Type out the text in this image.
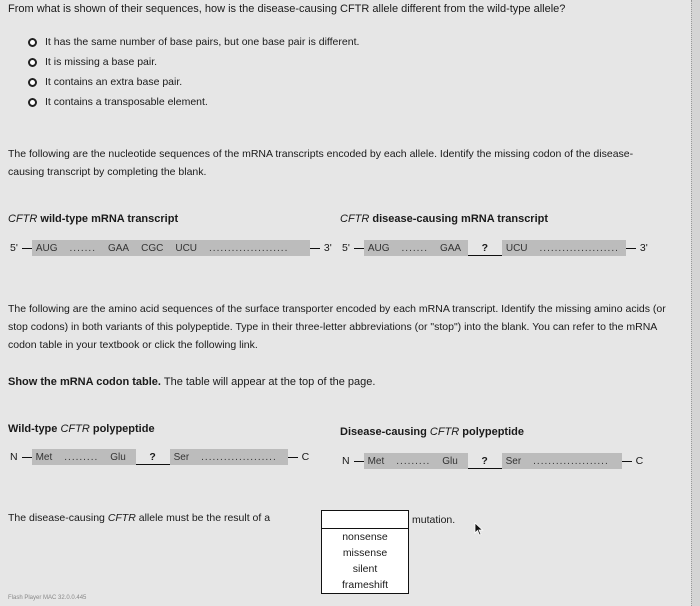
From what is shown of their sequences, how is the disease-causing CFTR allele different from the wild-type allele?
It has the same number of base pairs, but one base pair is different.
It is missing a base pair.
It contains an extra base pair.
It contains a transposable element.
The following are the nucleotide sequences of the mRNA transcripts encoded by each allele. Identify the missing codon of the disease-causing transcript by completing the blank.
CFTR wild-type mRNA transcript	CFTR disease-causing mRNA transcript
5'	AUG ....... GAA CGC UCU .....................	3' 5'	AUG ....... GAA	?	UCU .....................	3'
The following are the amino acid sequences of the surface transporter encoded by each mRNA transcript. Identify the missing amino acids (or stop codons) in both variants of this polypeptide. Type in their three-letter abbreviations (or "stop") into the blank. You can refer to the mRNA codon table in your textbook or click the following link.
Show the mRNA codon table. The table will appear at the top of the page.
Wild-type CFTR polypeptide	Disease-causing CFTR polypeptide
N	Met ......... Glu	?	Ser ....................	C	N	Met ......... Glu	?	Ser ....................	C
The disease-causing CFTR allele must be the result of a
nonsense
missense
silent
frameshift
mutation.
Flash Player MAC 32.0.0.445
